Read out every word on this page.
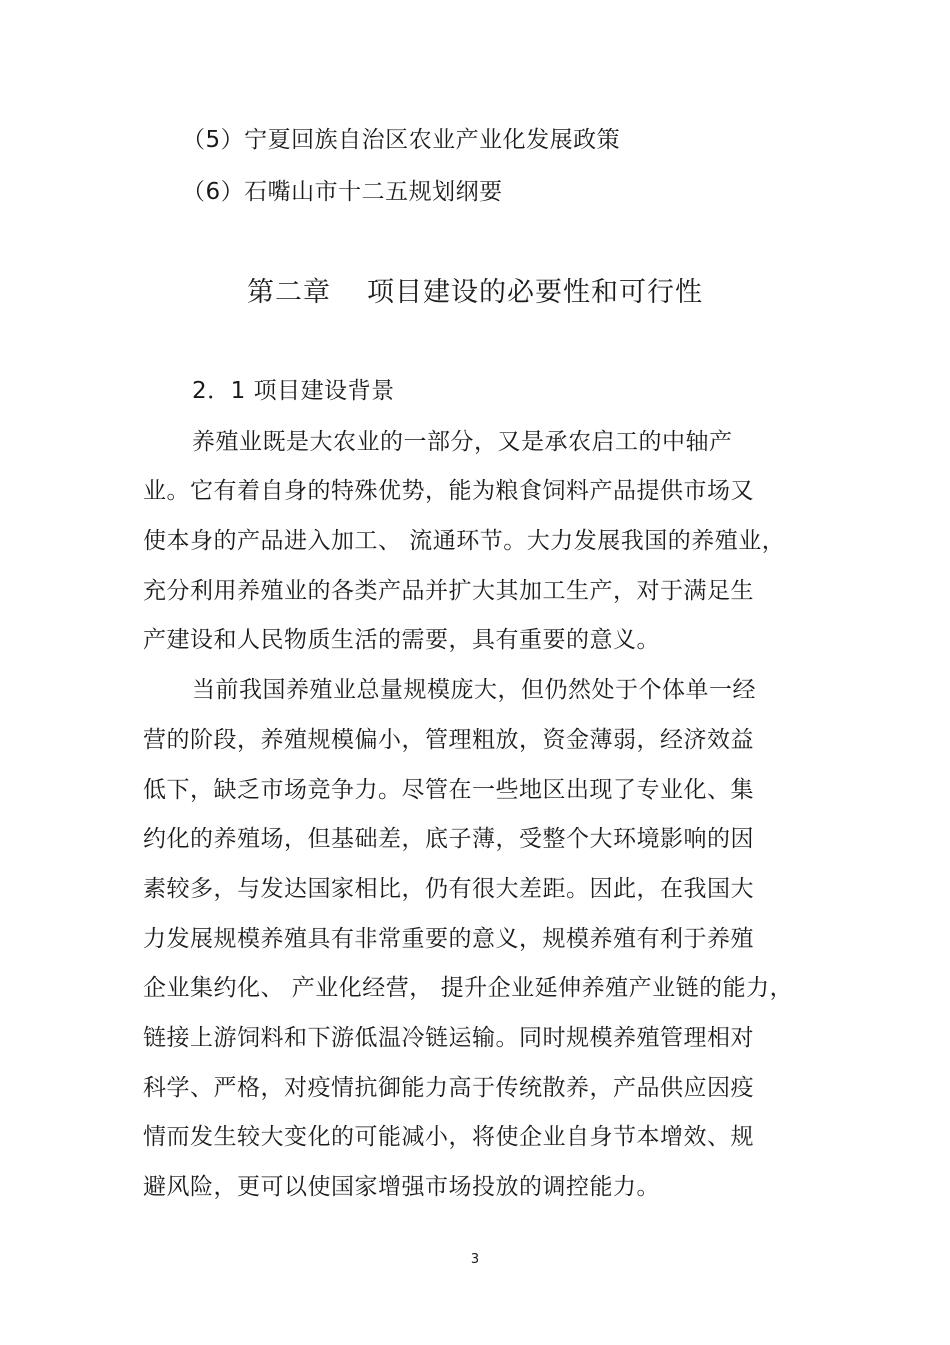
（5）宁夏回族自治区农业产业化发展政策
（6）石嘴山市十二五规划纲要
第二章 项目建设的必要性和可行性
2．1 项目建设背景
养殖业既是大农业的一部分，又是承农启工的中轴产
业。它有着自身的特殊优势，能为粮食饲料产品提供市场又
使本身的产品进入加工、 流通环节。大力发展我国的养殖业，
充分利用养殖业的各类产品并扩大其加工生产，对于满足生
产建设和人民物质生活的需要，具有重要的意义。
当前我国养殖业总量规模庞大，但仍然处于个体单一经
营的阶段，养殖规模偏小，管理粗放，资金薄弱，经济效益
低下，缺乏市场竞争力。尽管在一些地区出现了专业化、集
约化的养殖场，但基础差，底子薄，受整个大环境影响的因
素较多，与发达国家相比，仍有很大差距。因此，在我国大
力发展规模养殖具有非常重要的意义，规模养殖有利于养殖
企业集约化、 产业化经营， 提升企业延伸养殖产业链的能力，
链接上游饲料和下游低温冷链运输。同时规模养殖管理相对
科学、严格，对疫情抗御能力高于传统散养，产品供应因疫
情而发生较大变化的可能减小，将使企业自身节本增效、规
避风险，更可以使国家增强市场投放的调控能力。
3
